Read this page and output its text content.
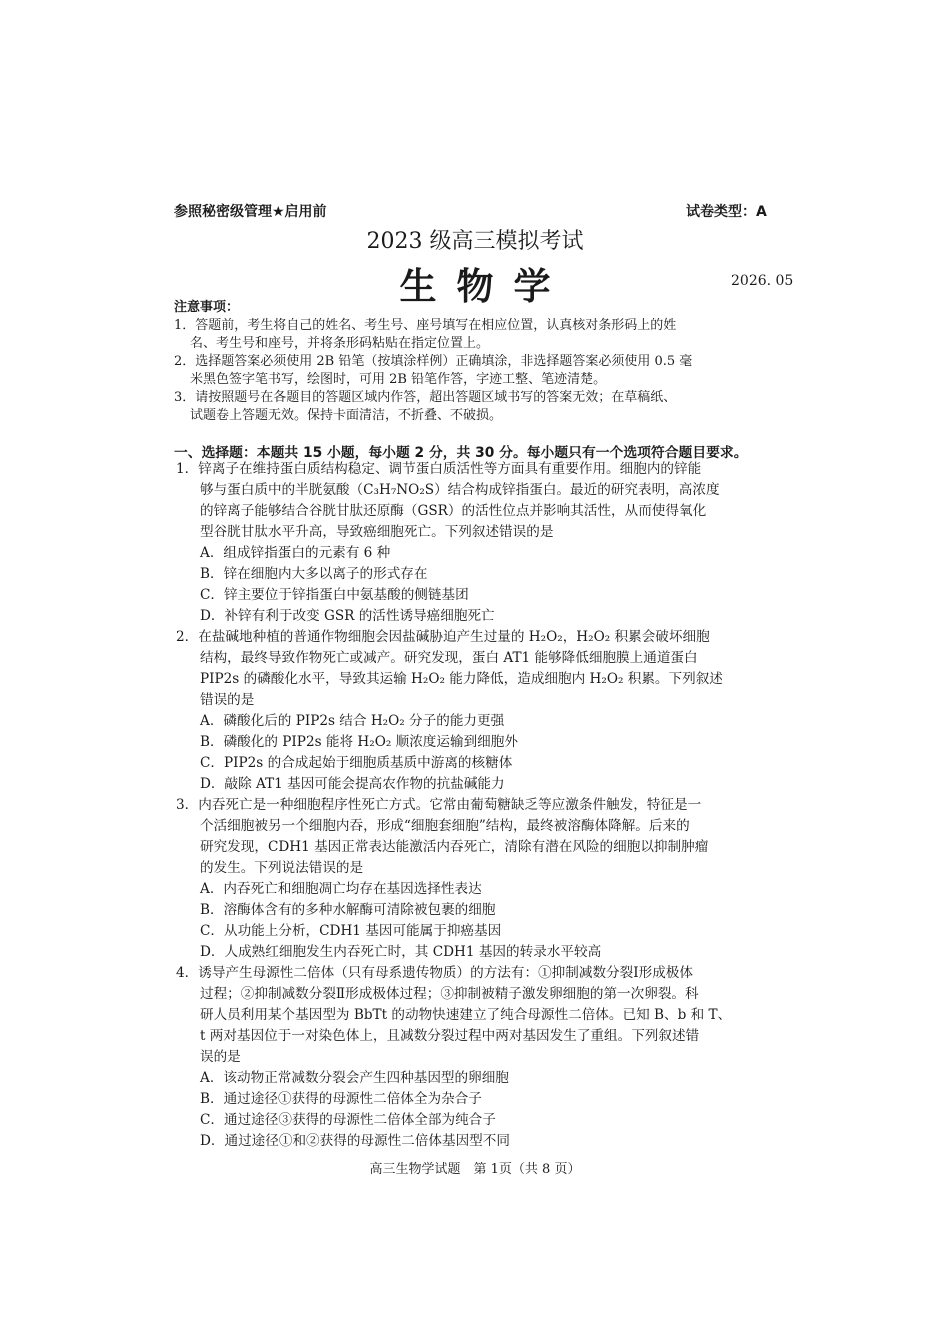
参照秘密级管理★启用前	试卷类型：A
2023 级高三模拟考试
生物学	2026. 05
注意事项：
1．答题前，考生将自己的姓名、考生号、座号填写在相应位置，认真核对条形码上的姓
名、考生号和座号，并将条形码粘贴在指定位置上。
2．选择题答案必须使用 2B 铅笔（按填涂样例）正确填涂，非选择题答案必须使用 0.5 毫
米黑色签字笔书写，绘图时，可用 2B 铅笔作答，字迹工整、笔迹清楚。
3．请按照题号在各题目的答题区域内作答，超出答题区域书写的答案无效；在草稿纸、
试题卷上答题无效。保持卡面清洁，不折叠、不破损。
一、选择题：本题共 15 小题，每小题 2 分，共 30 分。每小题只有一个选项符合题目要求。
1．锌离子在维持蛋白质结构稳定、调节蛋白质活性等方面具有重要作用。细胞内的锌能
够与蛋白质中的半胱氨酸（C₃H₇NO₂S）结合构成锌指蛋白。最近的研究表明，高浓度
的锌离子能够结合谷胱甘肽还原酶（GSR）的活性位点并影响其活性，从而使得氧化
型谷胱甘肽水平升高，导致癌细胞死亡。下列叙述错误的是
A．组成锌指蛋白的元素有 6 种
B．锌在细胞内大多以离子的形式存在
C．锌主要位于锌指蛋白中氨基酸的侧链基团
D．补锌有利于改变 GSR 的活性诱导癌细胞死亡
2．在盐碱地种植的普通作物细胞会因盐碱胁迫产生过量的 H₂O₂，H₂O₂ 积累会破坏细胞
结构，最终导致作物死亡或减产。研究发现，蛋白 AT1 能够降低细胞膜上通道蛋白
PIP2s 的磷酸化水平，导致其运输 H₂O₂ 能力降低，造成细胞内 H₂O₂ 积累。下列叙述
错误的是
A．磷酸化后的 PIP2s 结合 H₂O₂ 分子的能力更强
B．磷酸化的 PIP2s 能将 H₂O₂ 顺浓度运输到细胞外
C．PIP2s 的合成起始于细胞质基质中游离的核糖体
D．敲除 AT1 基因可能会提高农作物的抗盐碱能力
3．内吞死亡是一种细胞程序性死亡方式。它常由葡萄糖缺乏等应激条件触发，特征是一
个活细胞被另一个细胞内吞，形成“细胞套细胞”结构，最终被溶酶体降解。后来的
研究发现，CDH1 基因正常表达能激活内吞死亡，清除有潜在风险的细胞以抑制肿瘤
的发生。下列说法错误的是
A．内吞死亡和细胞凋亡均存在基因选择性表达
B．溶酶体含有的多种水解酶可清除被包裹的细胞
C．从功能上分析，CDH1 基因可能属于抑癌基因
D．人成熟红细胞发生内吞死亡时，其 CDH1 基因的转录水平较高
4．诱导产生母源性二倍体（只有母系遗传物质）的方法有：①抑制减数分裂Ⅰ形成极体
过程；②抑制减数分裂Ⅱ形成极体过程；③抑制被精子激发卵细胞的第一次卵裂。科
研人员利用某个基因型为 BbTt 的动物快速建立了纯合母源性二倍体。已知 B、b 和 T、
t 两对基因位于一对染色体上，且减数分裂过程中两对基因发生了重组。下列叙述错
误的是
A．该动物正常减数分裂会产生四种基因型的卵细胞
B．通过途径①获得的母源性二倍体全为杂合子
C．通过途径③获得的母源性二倍体全部为纯合子
D．通过途径①和②获得的母源性二倍体基因型不同
高三生物学试题　第 1页（共 8 页）
